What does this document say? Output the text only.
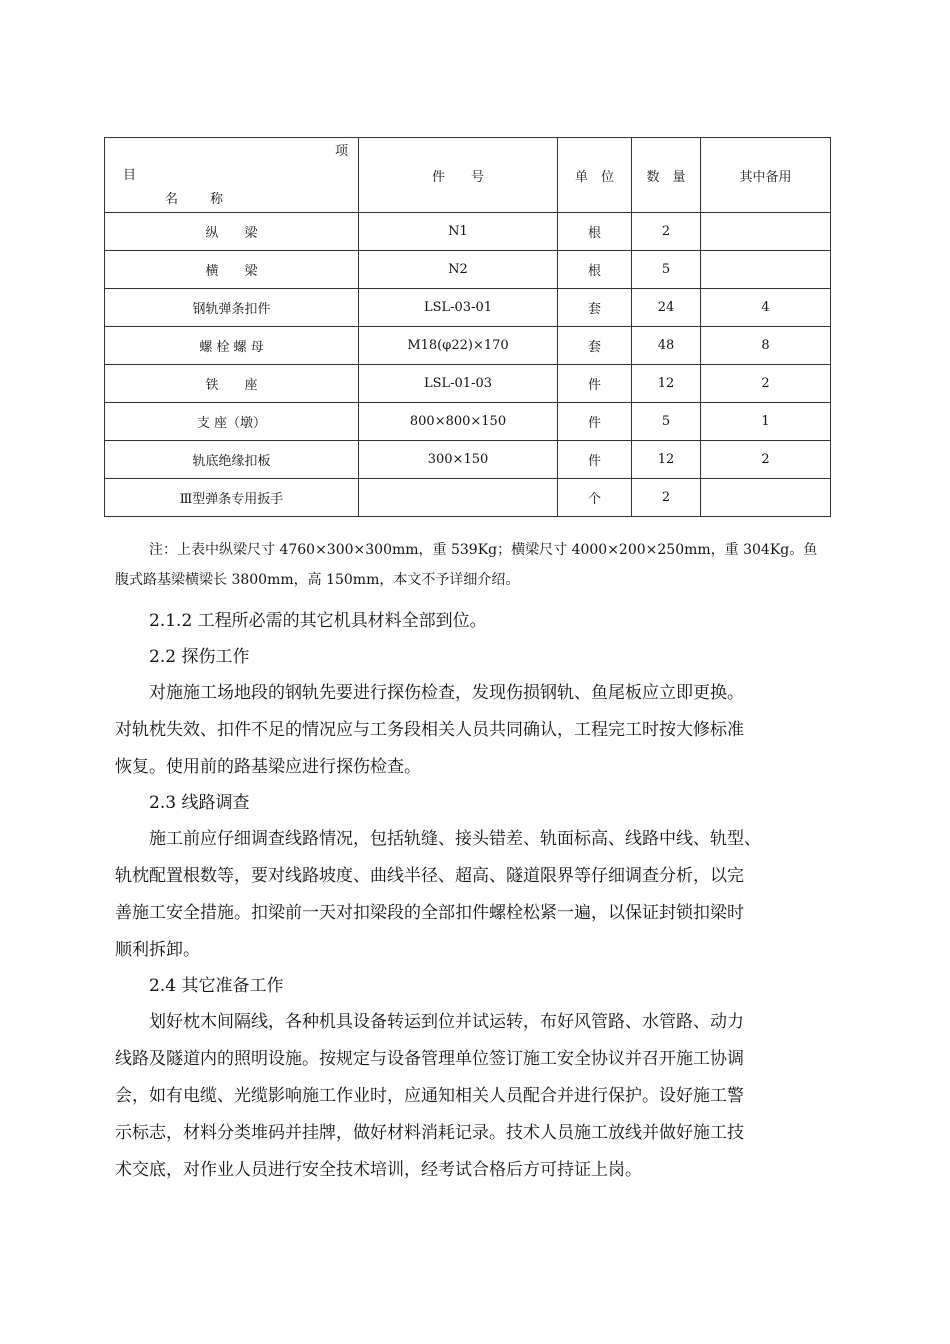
项
目
名　　称	件　　号	单　位	数　量	其中备用
纵　　梁	N1	根	2	
横　　梁	N2	根	5	
钢轨弹条扣件	LSL-03-01	套	24	4
螺 栓 螺 母	M18(φ22)×170	套	48	8
铁　　座	LSL-01-03	件	12	2
支 座（墩）	800×800×150	件	5	1
轨底绝缘扣板	300×150	件	12	2
Ⅲ型弹条专用扳手		个	2	
注：上表中纵梁尺寸 4760×300×300mm，重 539Kg；横梁尺寸 4000×200×250mm，重 304Kg。鱼
腹式路基梁横梁长 3800mm，高 150mm，本文不予详细介绍。
2.1.2 工程所必需的其它机具材料全部到位。
2.2 探伤工作
对施施工场地段的钢轨先要进行探伤检查，发现伤损钢轨、鱼尾板应立即更换。
对轨枕失效、扣件不足的情况应与工务段相关人员共同确认，工程完工时按大修标准
恢复。使用前的路基梁应进行探伤检查。
2.3 线路调查
施工前应仔细调查线路情况，包括轨缝、接头错差、轨面标高、线路中线、轨型、
轨枕配置根数等，要对线路坡度、曲线半径、超高、隧道限界等仔细调查分析，以完
善施工安全措施。扣梁前一天对扣梁段的全部扣件螺栓松紧一遍，以保证封锁扣梁时
顺利拆卸。
2.4 其它准备工作
划好枕木间隔线，各种机具设备转运到位并试运转，布好风管路、水管路、动力
线路及隧道内的照明设施。按规定与设备管理单位签订施工安全协议并召开施工协调
会，如有电缆、光缆影响施工作业时，应通知相关人员配合并进行保护。设好施工警
示标志，材料分类堆码并挂牌，做好材料消耗记录。技术人员施工放线并做好施工技
术交底，对作业人员进行安全技术培训，经考试合格后方可持证上岗。
